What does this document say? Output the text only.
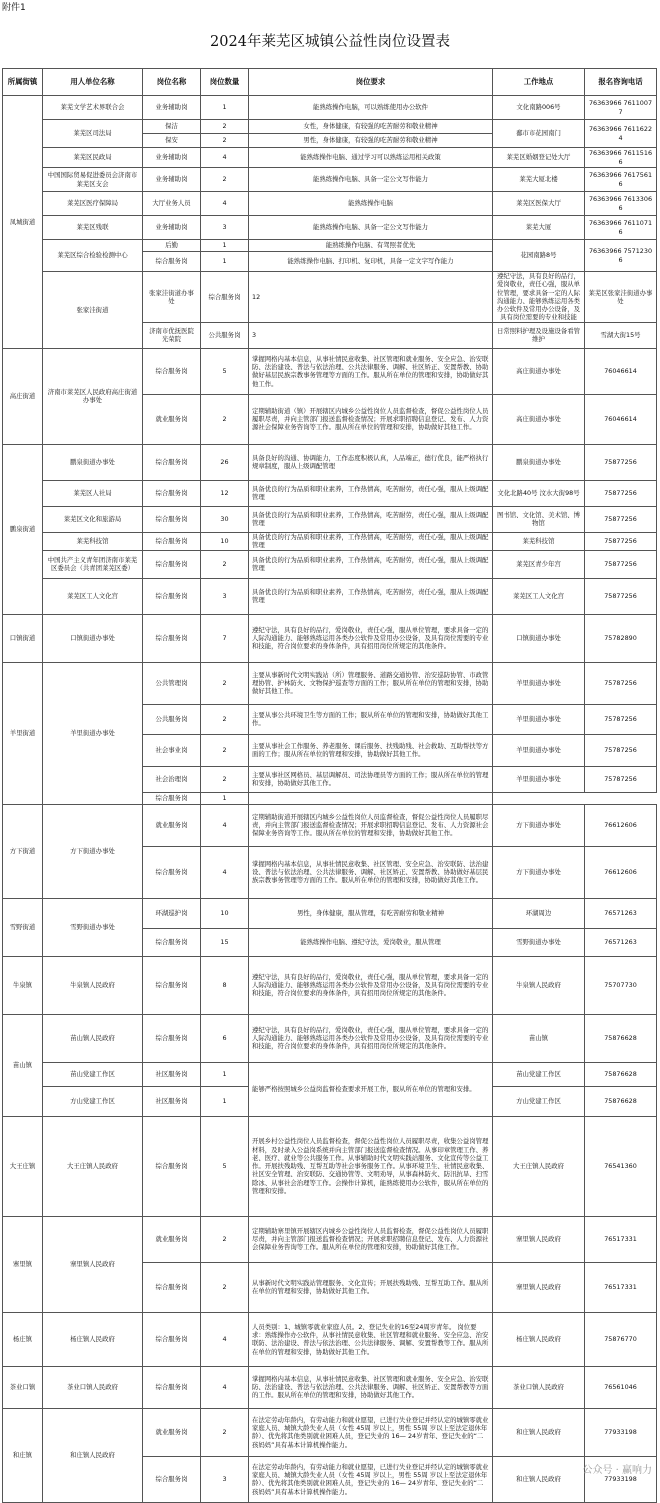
附件1
2024年莱芜区城镇公益性岗位设置表
所属街镇	用人单位名称	岗位名称	岗位数量	岗位要求	工作地点	报名咨询电话
凤城街道	莱芜文学艺术界联合会	业务辅助岗	1	能熟练操作电脑，可以熟练使用办公软件	文化南路006号	76363966 76110077
	莱芜区司法局	保洁	2	女性，身体健康，有较强的吃苦耐劳和敬业精神	鄱市市花园南门	76363966 76116224
		保安	2	男性，身体健康，有较强的吃苦耐劳和敬业精神		
	莱芜区民政局	业务辅助岗	4	能熟练操作电脑、通过学习可以熟练运用相关政策	莱芜区婚姻登记处大厅	76363966 76115166
	中国国际贸易促进委员会济南市莱芜区支会	业务辅助岗	2	能熟练操作电脑、具备一定公文写作能力	莱芜大厦北楼	76363966 76175616
	莱芜区医疗保障局	大厅业务人员	4	能熟练操作电脑	莱芜区医保大厅	76363966 76133066
	莱芜区残联	业务辅助岗	3	能熟练操作电脑、具备一定公文写作能力	莱芜大厦	76363966 76110716
	莱芜区综合检验检测中心	后勤	1	能熟练操作电脑、有驾照者优先	花园南路8号	76363966 75712306
		综合服务岗	1	能熟练操作电脑、打印机、复印机，具备一定文字写作能力		
	张家洼街道	张家洼街道办事处	综合服务岗	12	遵纪守法，具有良好的品行，爱岗敬业，责任心强，服从单位管理，要求具备一定的人际沟通能力、能够熟练运用各类办公软件及常用办公设备，及具有岗位需要的专业和技能	莱芜区张家洼街道办事处
		济南市优抚医院光荣院	公共服务岗	3	日常照料护理及设施设备看管维护	雪湖大街15号
高庄街道	济南市莱芜区人民政府高庄街道办事处	综合服务岗	5	掌握网格内基本信息，从事社情民意收集、社区管理和就业服务、安全应急、治安联防、法治建设、普法与依法治理、公共法律服务、调解、社区矫正、安置帮教、协助做好基层民族宗教事务管理等方面的工作。服从所在单位的管理和安排，协助做好其他工作。	高庄街道办事处	76046614
		就业服务岗	2	定期辅助街道（镇）开展辖区内城乡公益性岗位人员监督检查，督促公益性岗位人员履职尽责，并向主管部门报送监督检查情况；开展求职招聘信息登记、发布、人力资源社会保障业务咨询等工作。服从所在单位的管理和安排，协助做好其他工作。	高庄街道办事处	76046614
鹏泉街道	鹏泉街道办事处	综合服务岗	26	具备良好的沟通、协调能力，工作态度积极认真，人品端正，德行优良，能严格执行规章制度，服从上级调配管理	鹏泉街道办事处	75877256
	莱芜区人社局	综合服务岗	12	具备优良的行为品质和职业素养，工作热情高，吃苦耐劳，责任心强，服从上级调配管理	文化北路40号 汶水大街98号	75877256
	莱芜区文化和旅游局	综合服务岗	30	具备优良的行为品质和职业素养，工作热情高，吃苦耐劳，责任心强，服从上级调配管理	图书馆、文化馆、美术馆、博物馆	75877256
	莱芜科技馆	综合服务岗	10	具备优良的行为品质和职业素养，工作热情高，吃苦耐劳，责任心强，服从上级调配管理	莱芜科技馆	75877256
	中国共产主义青年团济南市莱芜区委员会（共青团莱芜区委）	综合服务岗	2	具备优良的行为品质和职业素养，工作热情高，吃苦耐劳，责任心强，服从上级调配管理	莱芜区青少年宫	75877256
	莱芜区工人文化宫	综合服务岗	3	具备优良的行为品质和职业素养，工作热情高，吃苦耐劳，责任心强，服从上级调配管理	莱芜区工人文化宫	75877256
口镇街道	口镇街道办事处	综合服务岗	7	遵纪守法，具有良好的品行，爱岗敬业，责任心强，服从单位管理，要求具备一定的人际沟通能力、能够熟练运用各类办公软件及常用办公设备，及具有岗位需要的专业和技能，符合岗位要求的身体条件，具有招用岗位所规定的其他条件。	口镇街道办事处	75782890
羊里街道	羊里街道办事处	公共管理岗	2	主要从事新时代文明实践站（所）管理服务、道路交通协管、治安巡防协管、市政管理协管、护林防火、文物保护巡查等方面的工作；服从所在单位的管理和安排，协助做好其他工作。	羊里街道办事处	75787256
		公共服务岗	2	主要从事公共环境卫生等方面的工作；服从所在单位的管理和安排，协助做好其他工作。	羊里街道办事处	75787256
		社会事业岗	2	主要从事社会工作服务、养老服务、课后服务、扶残助残、社会救助、互助帮扶等方面的工作；服从所在单位的管理和安排，协助做好其他工作。	羊里街道办事处	75787256
		社会治理岗	2	主要从事社区网格员、基层调解员、司法协理员等方面的工作；服从所在单位的管理和安排，协助做好其他工作。	羊里街道办事处	75787256
		综合服务岗	1			
方下街道	方下街道办事处	就业服务岗	4	定期辅助街道开展辖区内城乡公益性岗位人员监督检查，督促公益性岗位人员履职尽责，并向主管部门报送监督检查情况；开展求职招聘信息登记、发布、人力资源社会保障业务咨询等工作。服从所在单位的管理和安排，协助做好其他工作。	方下街道办事处	76612606
		综合服务岗	4	掌握网格内基本信息，从事社情民意收集、社区管理、安全应急、治安联防、法治建设、普法与依法治理、公共法律服务、调解、社区矫正、安置帮教、协助做好基层民族宗教事务管理等方面的工作。服从所在单位的管理和安排，协助做好其他工作。	方下街道办事处	76612606
雪野街道	雪野街道办事处	环湖巡护岗	10	男性，身体健康，服从管理，有吃苦耐劳和敬业精神	环湖周边	76571263
		综合服务岗	15	能熟练操作电脑、遵纪守法，爱岗敬业，服从管理	雪野街道办事处	76571263
牛泉镇	牛泉镇人民政府	综合服务岗	8	遵纪守法，具有良好的品行，爱岗敬业，责任心强，服从单位管理，要求具备一定的人际沟通能力、能够熟练运用各类办公软件及常用办公设备，及具有岗位需要的专业和技能，符合岗位要求的身体条件，具有招用岗位所规定的其他条件。	牛泉镇人民政府	75707730
苗山镇	苗山镇人民政府	综合服务岗	6	遵纪守法，具有良好的品行，爱岗敬业，责任心强，服从单位管理，要求具备一定的人际沟通能力、能够熟练运用各类办公软件及常用办公设备，及具有岗位需要的专业和技能，符合岗位要求的身体条件，具有招用岗位所规定的其他条件。	苗山镇	75876628
	苗山党建工作区	社区服务岗	1	能够严格按照城乡公益岗监督检查要求开展工作，服从所在单位的管理和安排。	苗山党建工作区	75876628
	方山党建工作区	社区服务岗	1		方山党建工作区	75876628
大王庄镇	大王庄镇人民政府	综合服务岗	5	开展乡村公益性岗位人员监督检查，督促公益性岗位人员履职尽责，收集公益岗管理材料，及时录入公益岗系统并向主管部门报送监督检查情况。从事印章管理工作、养老、医疗、就业等公共服务工作。从事辅助时代文明实践站服务、文化宣传等公益工作。开展扶残助残、互帮互助等社会事务服务工作。从事环境卫生、社情民意收集、社区安全管理、治安联防、交通协管等、文明劝导，从事森林防火、防汛抗旱、扫雪除冰、从事社会治理等工作。会操作计算机，能熟练使用办公软件，服从所在单位的管理和安排。	大王庄镇人民政府	76541360
寨里镇	寨里镇人民政府	就业服务岗	2	定期辅助寨里镇开展辖区内城乡公益性岗位人员监督检查，督促公益性岗位人员履职尽责，并向主管部门报送监督检查情况；开展求职招聘信息登记、发布、人力资源社会保障业务咨询等工作。服从所在单位的管理和安排，协助做好其他工作。	寨里镇人民政府	76517331
		综合服务岗	2	从事新时代文明实践站管理服务、文化宣传；开展扶残助残、互帮互助工作。服从所在单位的管理和安排，协助做好其他工作。	寨里镇人民政府	76517331
杨庄镇	杨庄镇人民政府	综合服务岗	4	人员类别：1、城镇零就业家庭人员。2、登记失业的16至24周岁青年。 岗位要求：熟练操作办公软件，从事社情民意收集、社区管理和就业服务、安全应急、治安联防、法治建设、普法与依法治理、公共法律服务、调解、安置帮教等工作。服从所在单位的管理和安排，协助做好其他工作。	杨庄镇人民政府	75876770
茶业口镇	茶业口镇人民政府	综合服务岗	4	掌握网格内基本信息，从事社情民意收集、社区管理和就业服务、安全应急、治安联防、法治建设、普法与依法治理、公共法律服务、调解、社区矫正、安置帮教等方面的工作。服从所在单位的管理和安排，协助做好其他工作。	茶业口镇人民政府	76561046
和庄镇	和庄镇人民政府	就业服务岗	2	在法定劳动年龄内，有劳动能力和就业愿望，已进行失业登记并经认定的城镇零就业家庭人员、城镇大龄失业人员（女性 45周 岁以上，男性 55周 岁以上至法定退休年龄）、优先将其他类别就业困难人员，登记失业的 16— 24岁青年、登记失业的“二孩妈妈”具有基本计算机操作能力。	和庄镇人民政府	77933198
		综合服务岗	3	在法定劳动年龄内，有劳动能力和就业愿望，已进行失业登记并经认定的城镇零就业家庭人员、城镇大龄失业人员（女性 45周 岁以上，男性 55周 岁以上至法定退休年龄）、优先将其他类别就业困难人员，登记失业的 16— 24岁青年、登记失业的“二孩妈妈”具有基本计算机操作能力。	和庄镇人民政府	77933198
公众号 · 赢响力
